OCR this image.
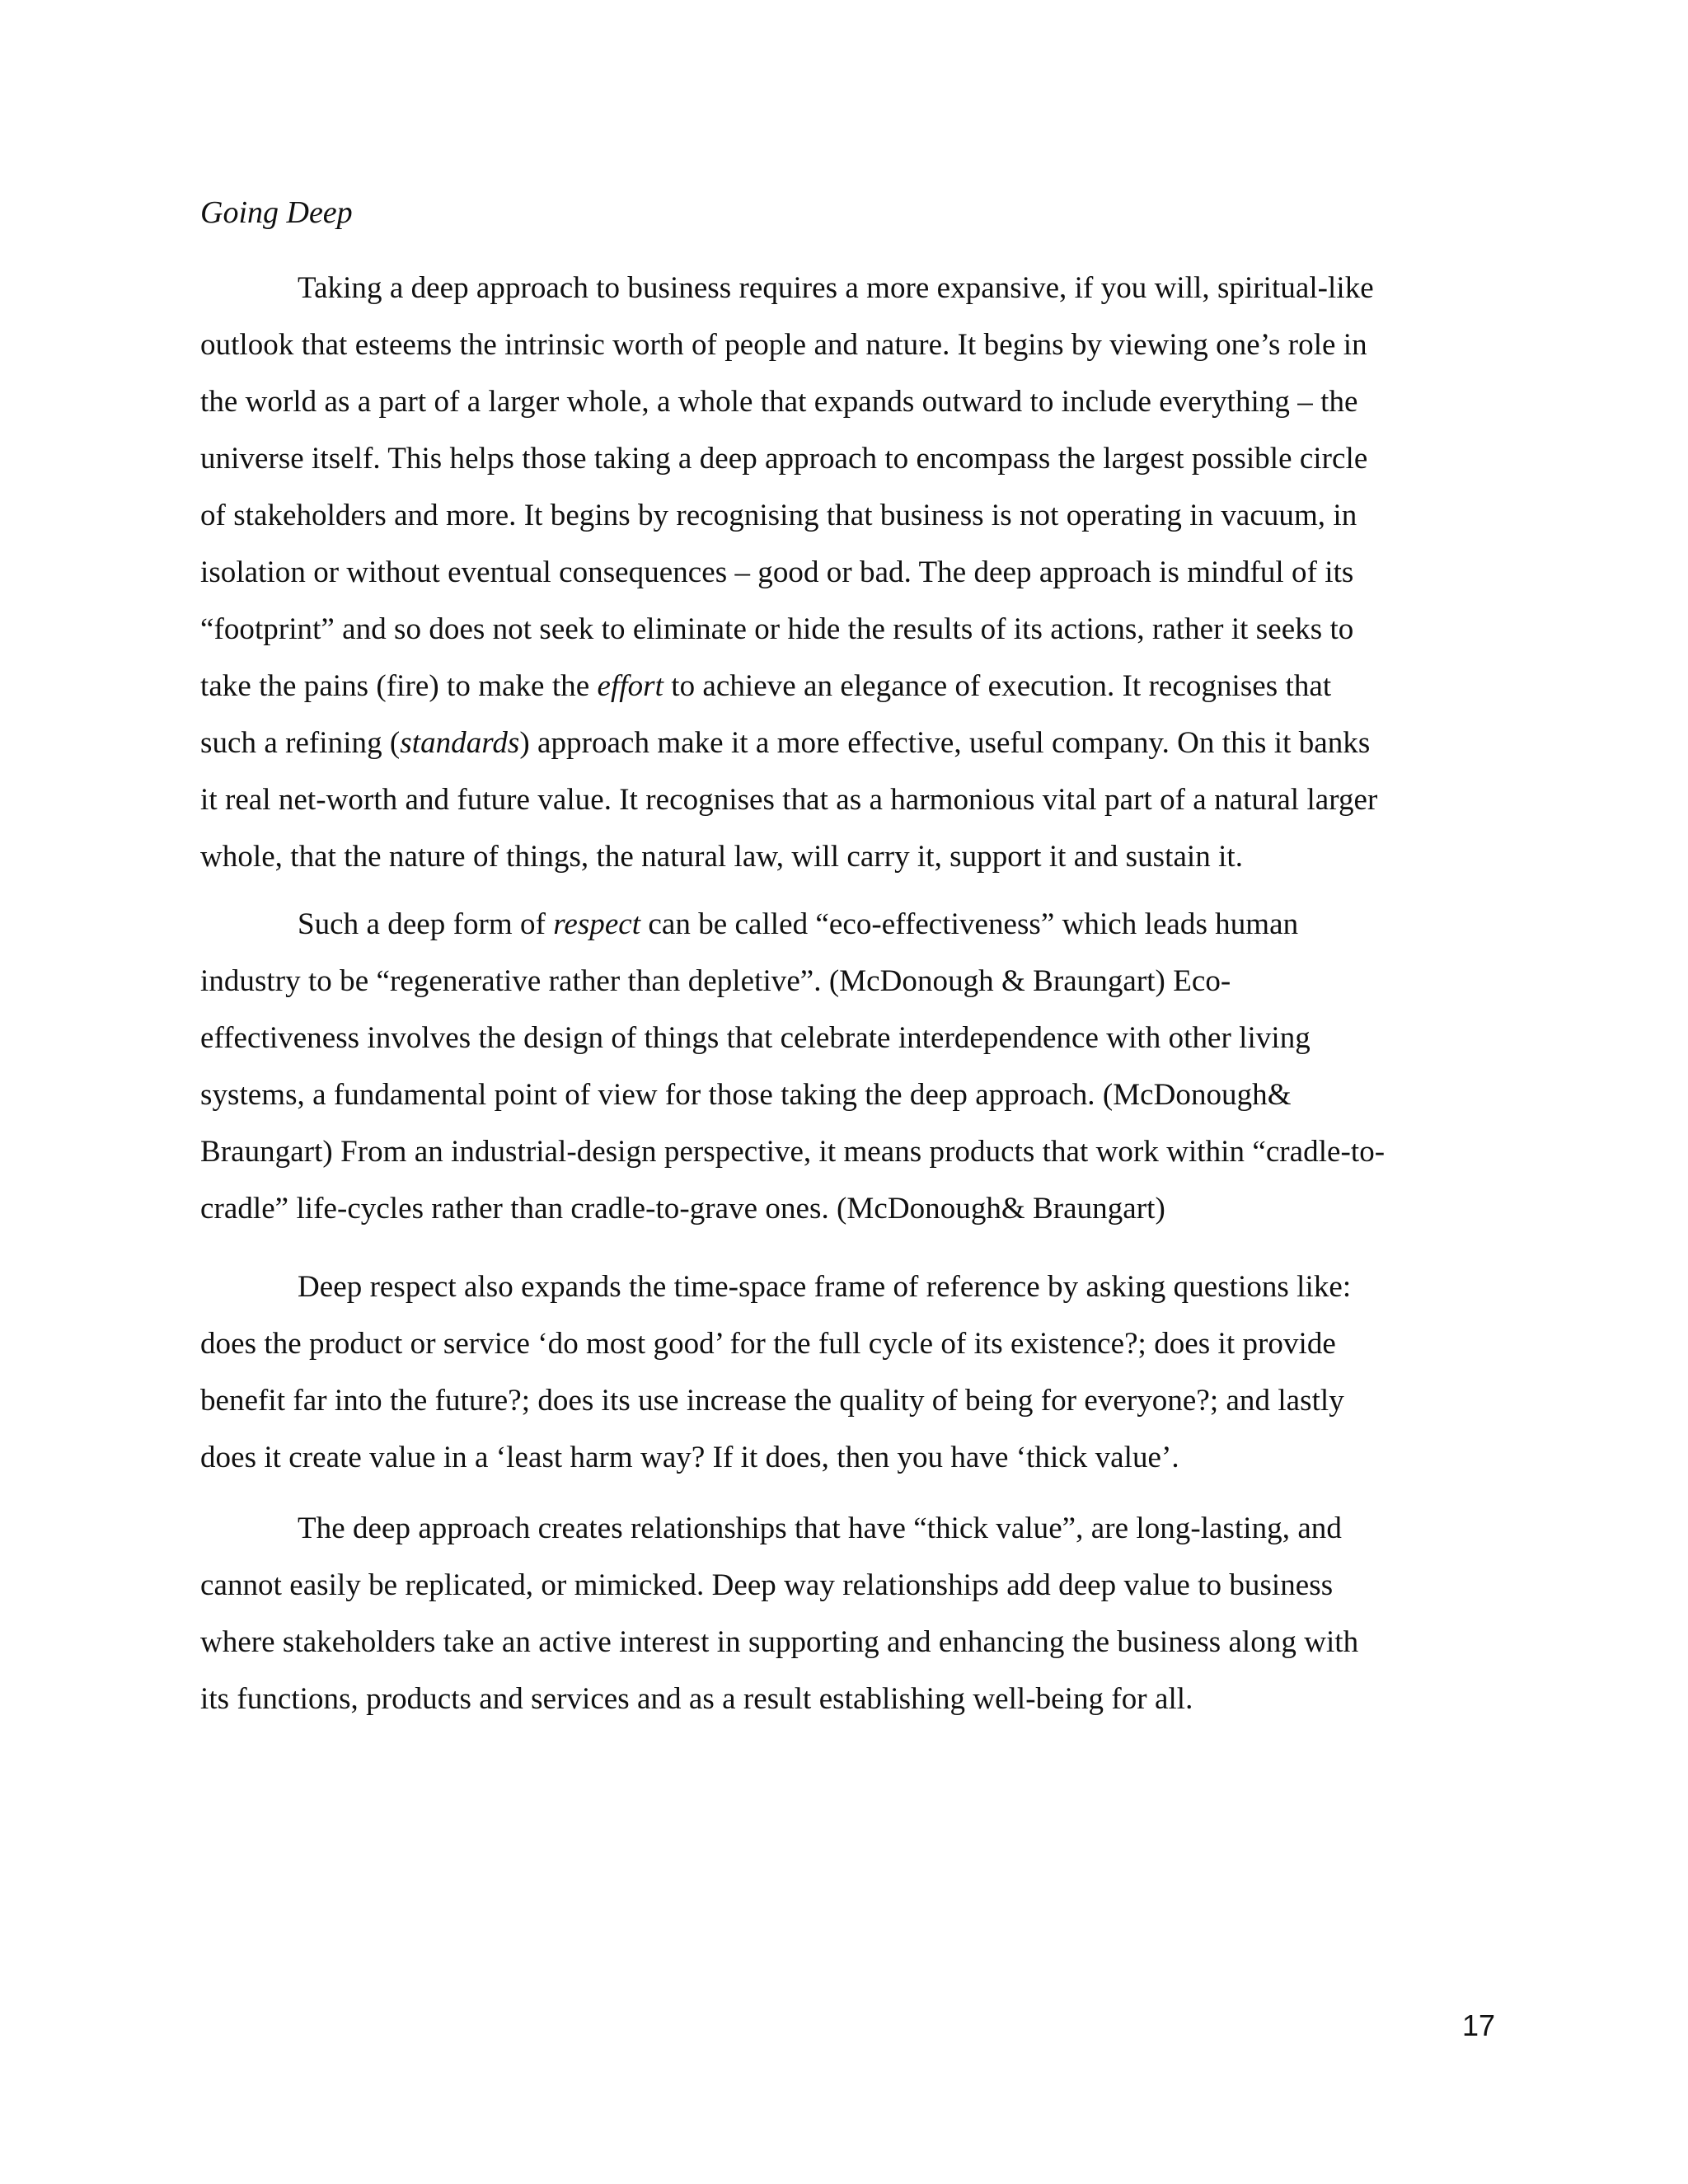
Going Deep
Taking a deep approach to business requires a more expansive, if you will, spiritual-like
outlook that esteems the intrinsic worth of people and nature. It begins by viewing one’s role in
the world as a part of a larger whole, a whole that expands outward to include everything – the
universe itself. This helps those taking a deep approach to encompass the largest possible circle
of stakeholders and more. It begins by recognising that business is not operating in vacuum, in
isolation or without eventual consequences – good or bad. The deep approach is mindful of its
“footprint” and so does not seek to eliminate or hide the results of its actions, rather it seeks to
take the pains (fire) to make the effort to achieve an elegance of execution. It recognises that
such a refining (standards) approach make it a more effective, useful company. On this it banks
it real net-worth and future value. It recognises that as a harmonious vital part of a natural larger
whole, that the nature of things, the natural law, will carry it, support it and sustain it.
Such a deep form of respect can be called “eco-effectiveness” which leads human
industry to be “regenerative rather than depletive”. (McDonough & Braungart) Eco-
effectiveness involves the design of things that celebrate interdependence with other living
systems, a fundamental point of view for those taking the deep approach. (McDonough&
Braungart) From an industrial-design perspective, it means products that work within “cradle-to-
cradle” life-cycles rather than cradle-to-grave ones. (McDonough& Braungart)
Deep respect also expands the time-space frame of reference by asking questions like:
does the product or service ‘do most good’ for the full cycle of its existence?; does it provide
benefit far into the future?; does its use increase the quality of being for everyone?; and lastly
does it create value in a ‘least harm way? If it does, then you have ‘thick value’.
The deep approach creates relationships that have “thick value”, are long-lasting, and
cannot easily be replicated, or mimicked. Deep way relationships add deep value to business
where stakeholders take an active interest in supporting and enhancing the business along with
its functions, products and services and as a result establishing well-being for all.

17
